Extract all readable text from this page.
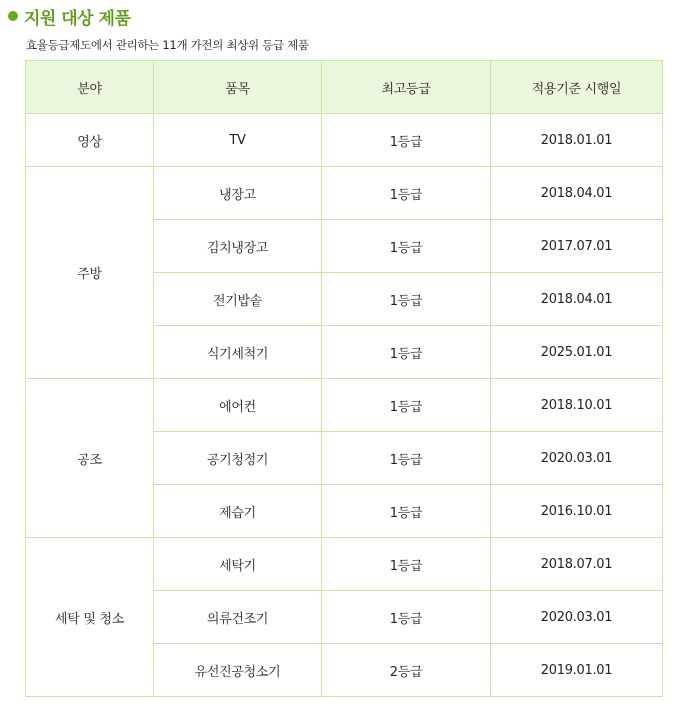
지원 대상 제품
효율등급제도에서 관리하는 11개 가전의 최상위 등급 제품
분야	품목	최고등급	적용기준 시행일
영상	TV	1등급	2018.01.01
주방	냉장고	1등급	2018.04.01
	김치냉장고	1등급	2017.07.01
	전기밥솥	1등급	2018.04.01
	식기세척기	1등급	2025.01.01
공조	에어컨	1등급	2018.10.01
	공기청정기	1등급	2020.03.01
	제습기	1등급	2016.10.01
세탁 및 청소	세탁기	1등급	2018.07.01
	의류건조기	1등급	2020.03.01
	유선진공청소기	2등급	2019.01.01
